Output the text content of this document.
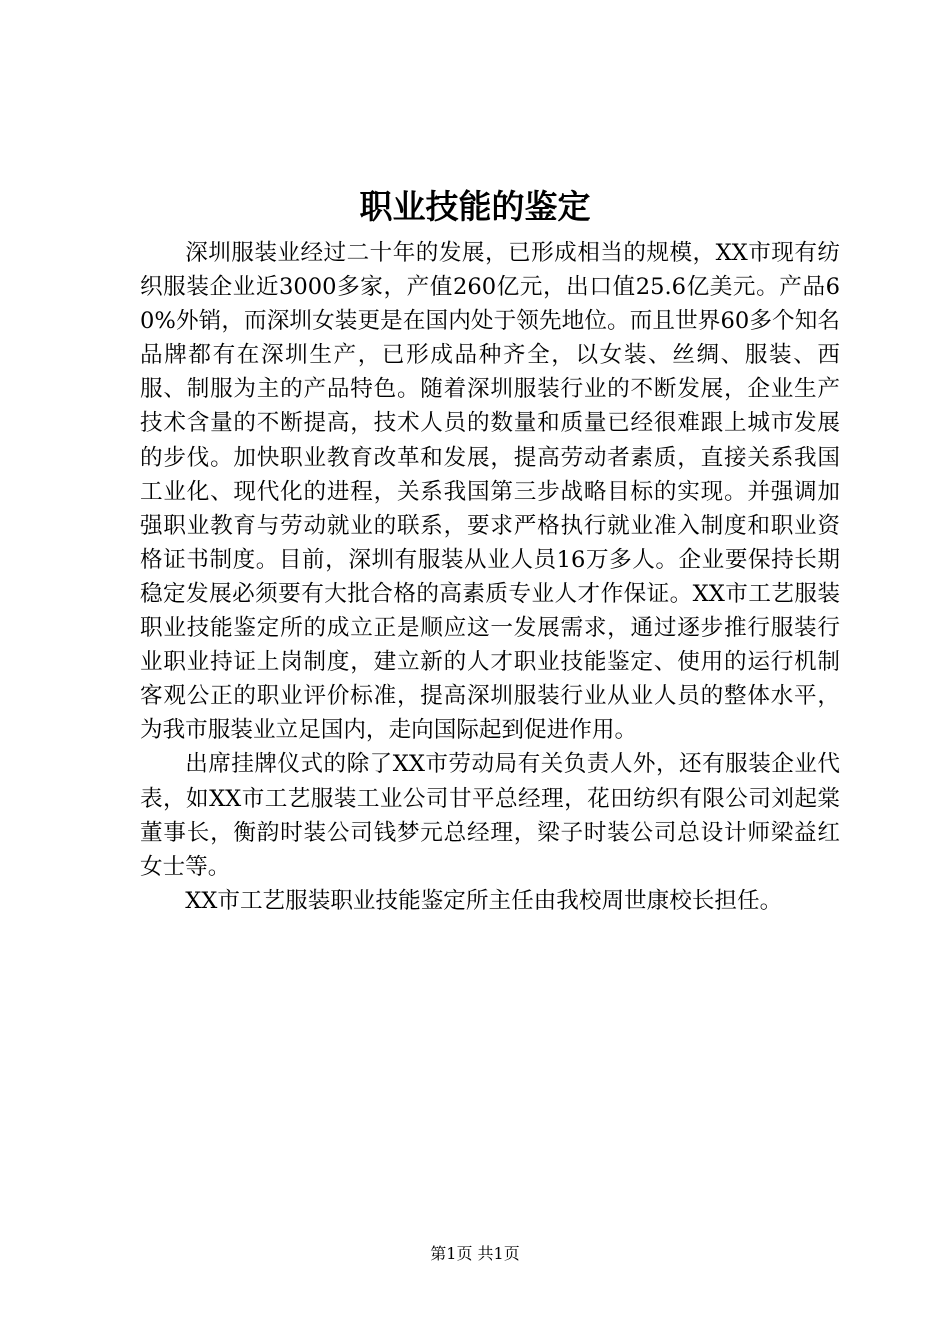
职业技能的鉴定

深圳服装业经过二十年的发展，已形成相当的规模，XX市现有纺织服装企业近3000多家，产值260亿元，出口值25.6亿美元。产品60%外销，而深圳女装更是在国内处于领先地位。而且世界60多个知名品牌都有在深圳生产，已形成品种齐全，以女装、丝绸、服装、西服、制服为主的产品特色。随着深圳服装行业的不断发展，企业生产技术含量的不断提高，技术人员的数量和质量已经很难跟上城市发展的步伐。加快职业教育改革和发展，提高劳动者素质，直接关系我国工业化、现代化的进程，关系我国第三步战略目标的实现。并强调加强职业教育与劳动就业的联系，要求严格执行就业准入制度和职业资格证书制度。目前，深圳有服装从业人员16万多人。企业要保持长期稳定发展必须要有大批合格的高素质专业人才作保证。XX市工艺服装职业技能鉴定所的成立正是顺应这一发展需求，通过逐步推行服装行业职业持证上岗制度，建立新的人才职业技能鉴定、使用的运行机制客观公正的职业评价标准，提高深圳服装行业从业人员的整体水平，为我市服装业立足国内，走向国际起到促进作用。

出席挂牌仪式的除了XX市劳动局有关负责人外，还有服装企业代表，如XX市工艺服装工业公司甘平总经理，花田纺织有限公司刘起棠董事长，衡韵时装公司钱梦元总经理，梁子时装公司总设计师梁益红女士等。

XX市工艺服装职业技能鉴定所主任由我校周世康校长担任。

第1页 共1页
